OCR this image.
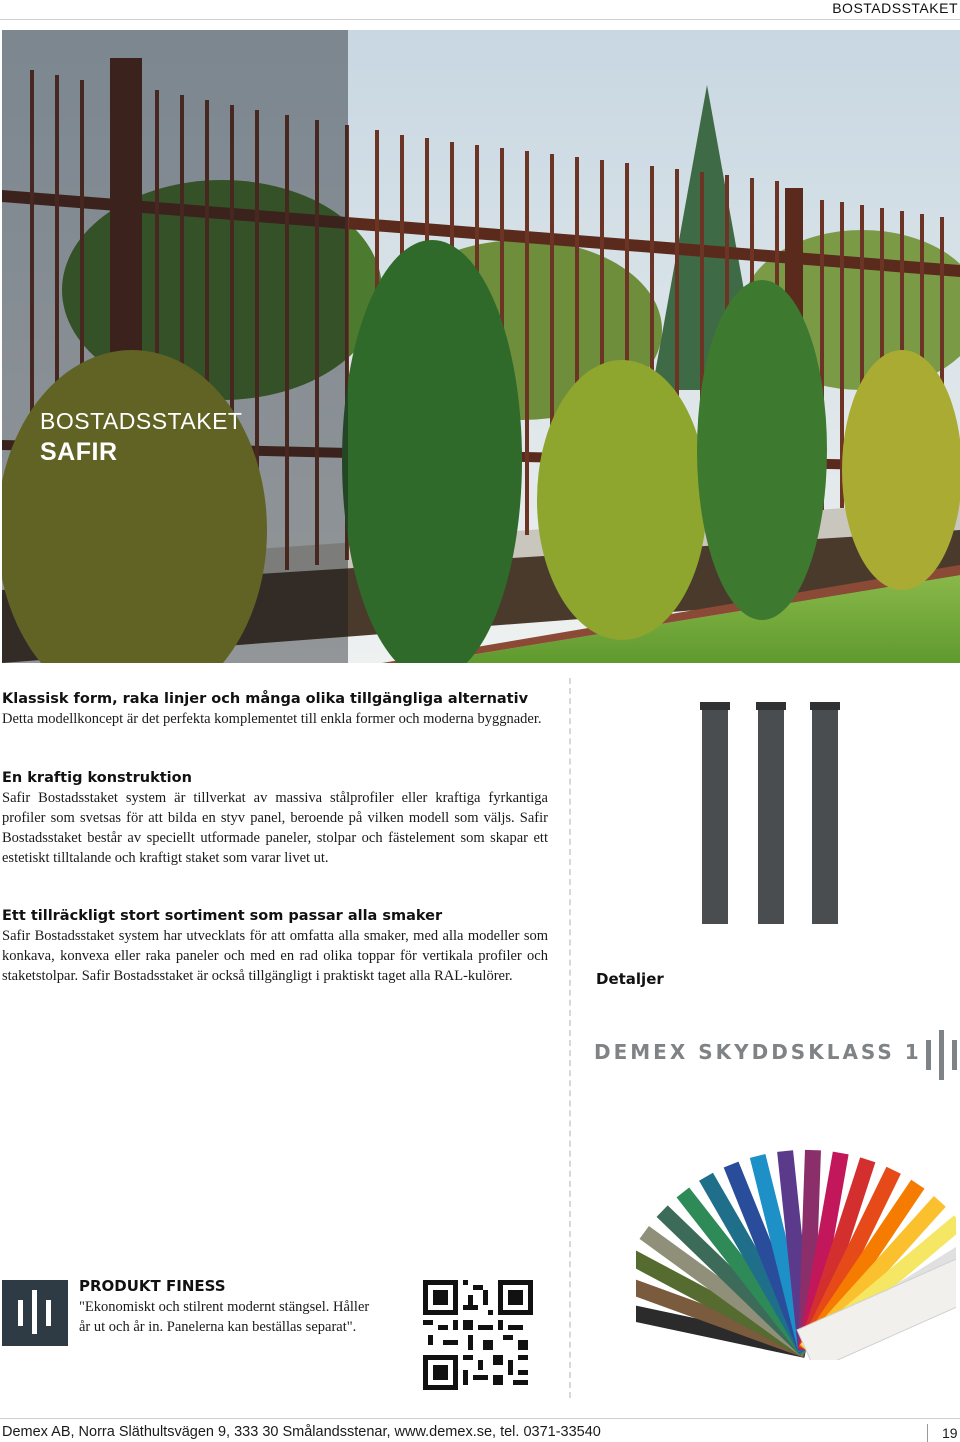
BOSTADSSTAKET
BOSTADSSTAKET
SAFIR
Klassisk form, raka linjer och många olika tillgängliga alternativ
Detta modellkoncept är det perfekta komplementet till enkla former och moderna byggnader.
En kraftig konstruktion
Safir Bostadsstaket system är tillverkat av massiva stålprofiler eller kraftiga fyrkantiga profiler som svetsas för att bilda en styv panel, beroende på vilken modell som väljs. Safir Bostadsstaket består av speciellt utformade paneler, stolpar och fästelement som skapar ett estetiskt tilltalande och kraftigt staket som varar livet ut.
Ett tillräckligt stort sortiment som passar alla smaker
Safir Bostadsstaket system har utvecklats för att omfatta alla smaker, med alla modeller som konkava, konvexa eller raka paneler och med en rad olika toppar för vertikala profiler och staketstolpar. Safir Bostadsstaket är också tillgängligt i praktiskt taget alla RAL-kulörer.	Detaljer
DEMEX SKYDDSKLASS 1
PRODUKT FINESS
"Ekonomiskt och stilrent modernt stängsel. Håller år ut och år in. Panelerna kan beställas separat".
Demex AB, Norra Släthultsvägen 9, 333 30 Smålandsstenar, www.demex.se, tel. 0371-33540	19
